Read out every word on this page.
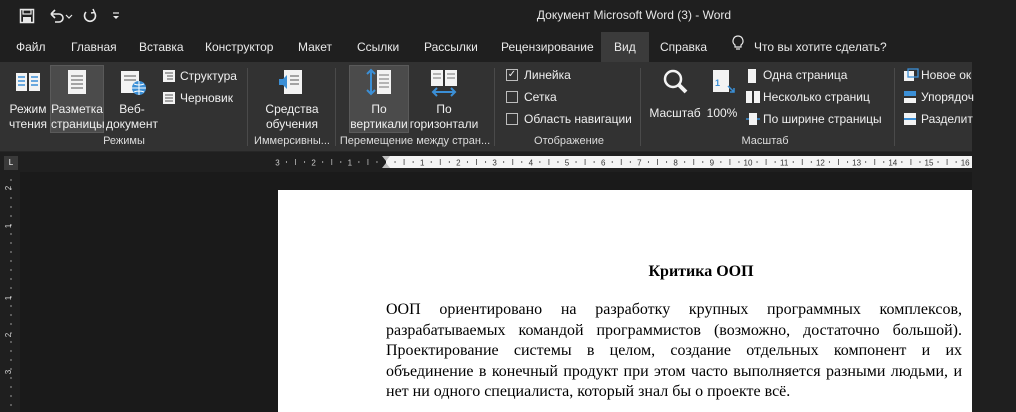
Документ Microsoft Word (3) - Word
Файл Главная Вставка Конструктор Макет Ссылки Рассылки Рецензирование	Вид	Справка	Что вы хотите сделать?
Режим
чтения
Разметка
страницы
Веб-
документ
Структура
Черновик
Режимы
Средства
обучения
Иммерсивны...
По
вертикали
По
горизонтали
Перемещение между стран...
✓ Линейка
Сетка
Область навигации
Отображение
Масштаб
1
100%
Одна страница
Несколько страниц
По ширине страницы
Масштаб
Новое ок
Упорядоч
Разделит
L	3	2	1	1	2	3	4	5	6	7	8	9	10	11	12	13	14	15	16
2
1
1
2
3
Критика ООП
ООП ориентировано на разработку крупных программных комплексов, разрабатываемых командой программистов (возможно, достаточно большой). Проектирование системы в целом, создание отдельных компонент и их объединение в конечный продукт при этом часто выполняется разными людьми, и нет ни одного специалиста, который знал бы о проекте всё.
